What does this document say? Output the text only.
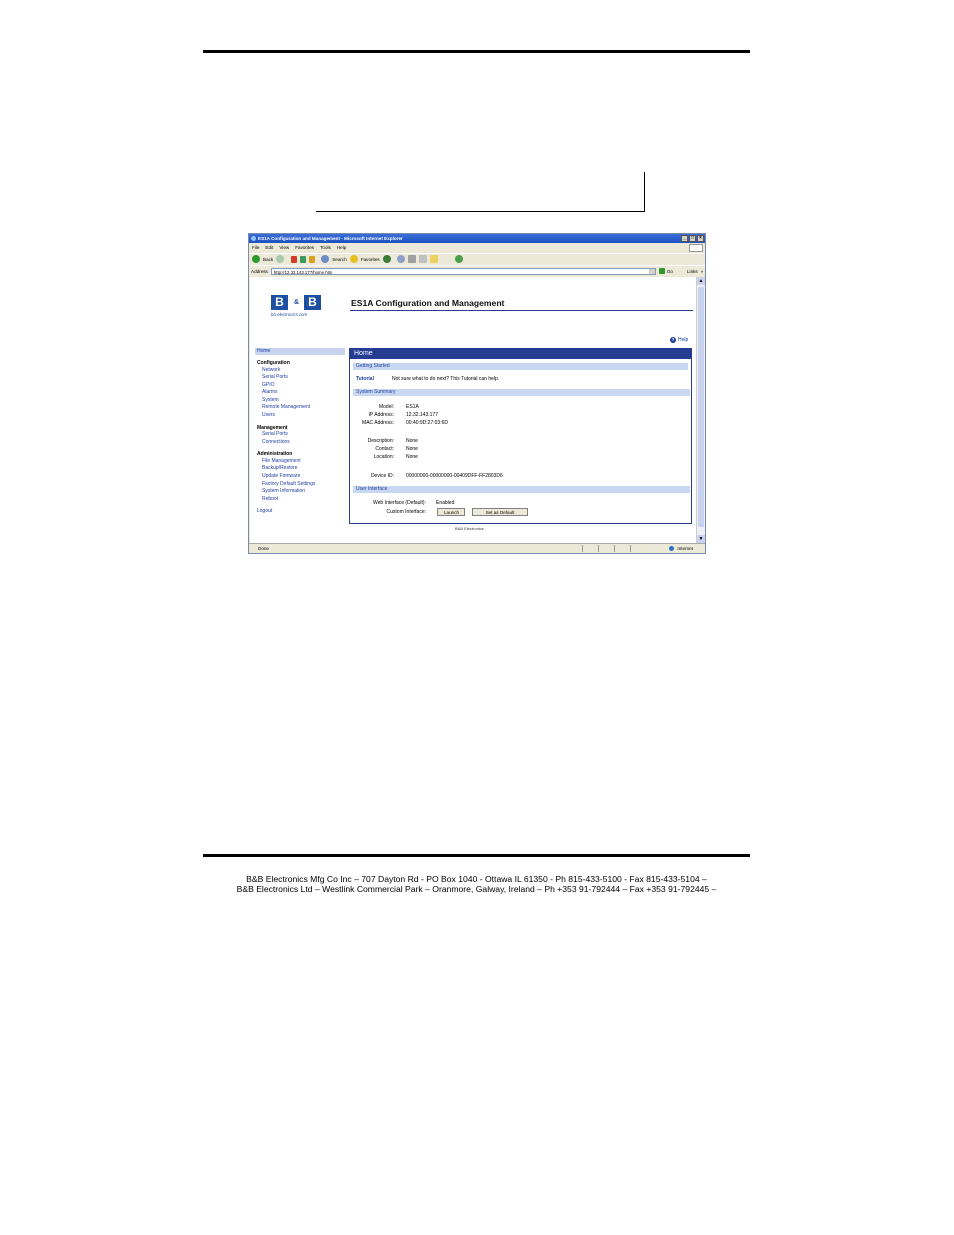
ES1A Configuration and Management - Microsoft Internet Explorer	_	□	×
File Edit View Favorites Tools Help
Back	Search	Favorites
Address	http://12.32.143.177/home.htm	Go	Links »
B	& B
bb-electronics.com
ES1A Configuration and Management
? Help
Home
Configuration
Network
Serial Ports
GPIO
Alarms
System
Remote Management
Users
Management
Serial Ports
Connections
Administration
File Management
Backup/Restore
Update Firmware
Factory Default Settings
System Information
Reboot
Logout
Home
Getting Started
Tutorial	Not sure what to do next? This Tutorial can help.
System Summary
Model: ES1A
IP Address: 12.32.143.177
MAC Address: 00:40:9D:27:03:6D
Description: None
Contact: None
Location: None
Device ID: 00000000-00000000-00409DFF-FF2803D6
User Interface
Web Interface (Default): Enabled
Custom Interface:	Launch	Set as Default
B&B Electronics
▲
▼
Done	Internet
B&B Electronics Mfg Co Inc – 707 Dayton Rd - PO Box 1040 - Ottawa IL 61350 - Ph 815-433-5100 - Fax 815-433-5104 –
B&B Electronics Ltd – Westlink Commercial Park – Oranmore, Galway, Ireland – Ph +353 91-792444 – Fax +353 91-792445 –
